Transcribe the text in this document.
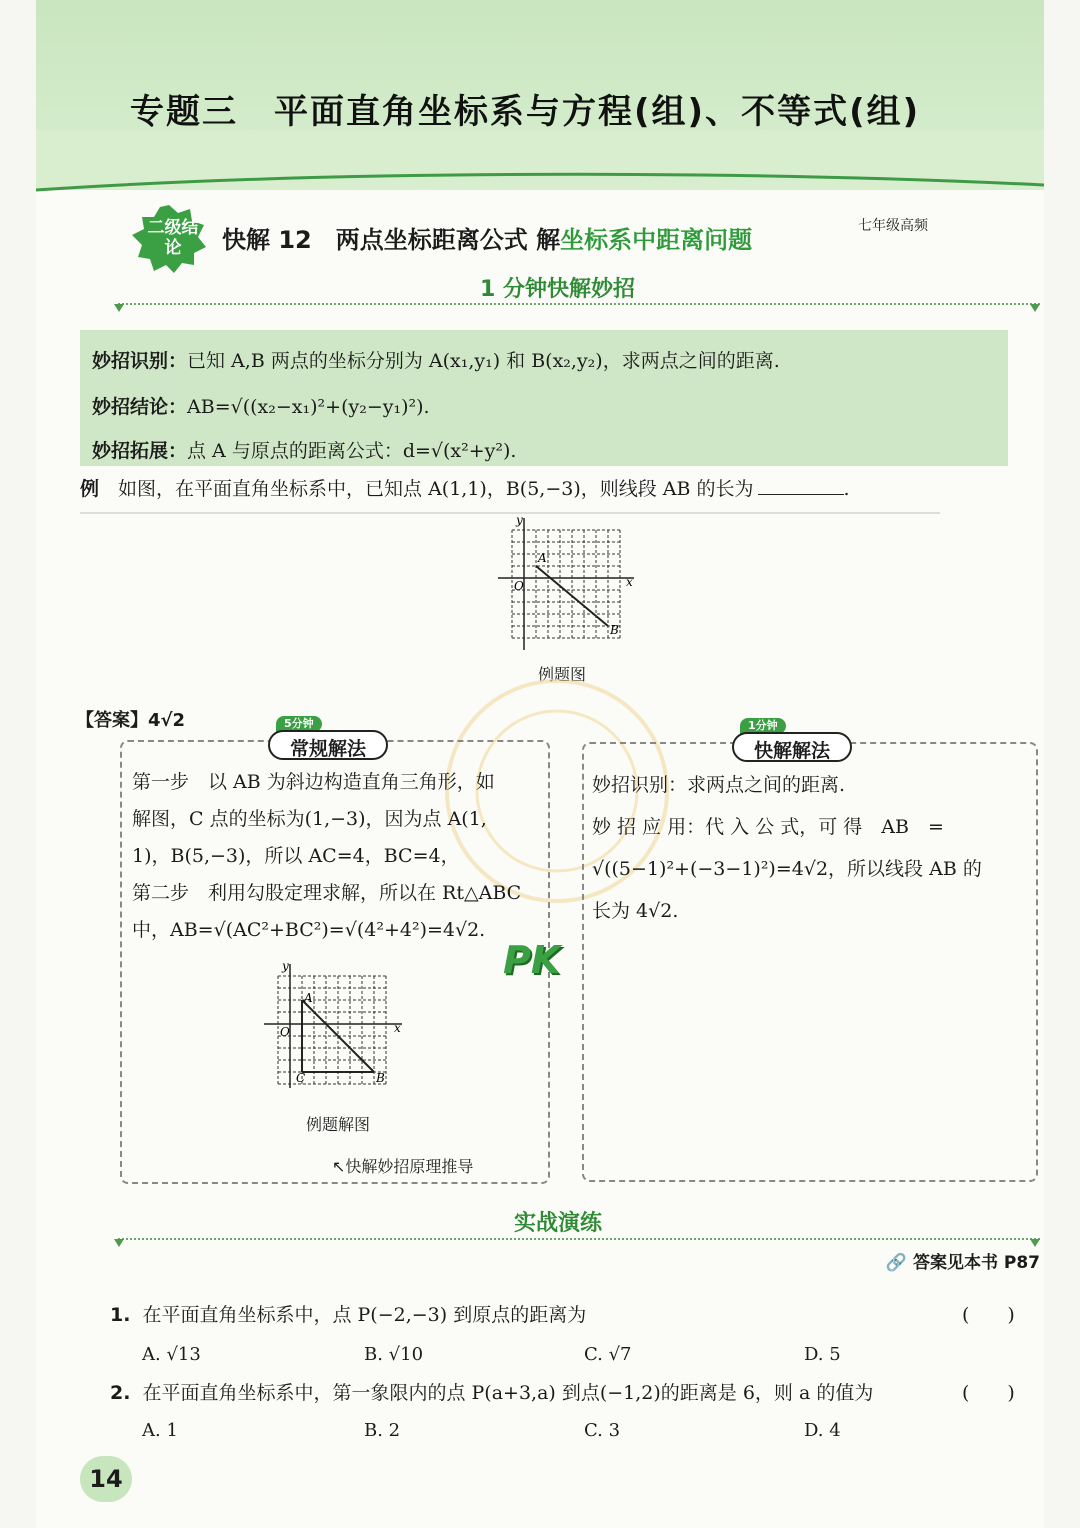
专题三　平面直角坐标系与方程(组)、不等式(组)
二级结论	快解 12　两点坐标距离公式 解坐标系中距离问题	七年级高频
1 分钟快解妙招
妙招识别：已知 A,B 两点的坐标分别为 A(x₁,y₁) 和 B(x₂,y₂)，求两点之间的距离.
妙招结论：AB=√((x₂−x₁)²+(y₂−y₁)²).
妙招拓展：点 A 与原点的距离公式：d=√(x²+y²).
例　 如图，在平面直角坐标系中，已知点 A(1,1)，B(5,−3)，则线段 AB 的长为	.
y
x
O
A
B
例题图
【答案】4√2	5分钟
常规解法

第一步　以 AB 为斜边构造直角三角形，如

解图，C 点的坐标为(1,−3)，因为点 A(1,

1)，B(5,−3)，所以 AC=4，BC=4，

第二步　利用勾股定理求解，所以在 Rt△ABC

中，AB=√(AC²+BC²)=√(4²+4²)=4√2.

y
x
O
A
B
C
例题解图
↖快解妙招原理推导
1分钟
快解解法

妙招识别：求两点之间的距离.

妙 招 应 用：代 入 公 式，可 得　AB　=

√((5−1)²+(−3−1)²)=4√2，所以线段 AB 的

长为 4√2.

PK
实战演练
🔗 答案见本书 P87
1. 在平面直角坐标系中，点 P(−2,−3) 到原点的距离为	(　　)
A. √13	B. √10	C. √7	D. 5
2. 在平面直角坐标系中，第一象限内的点 P(a+3,a) 到点(−1,2)的距离是 6，则 a 的值为	(　　)
A. 1	B. 2	C. 3	D. 4
14
